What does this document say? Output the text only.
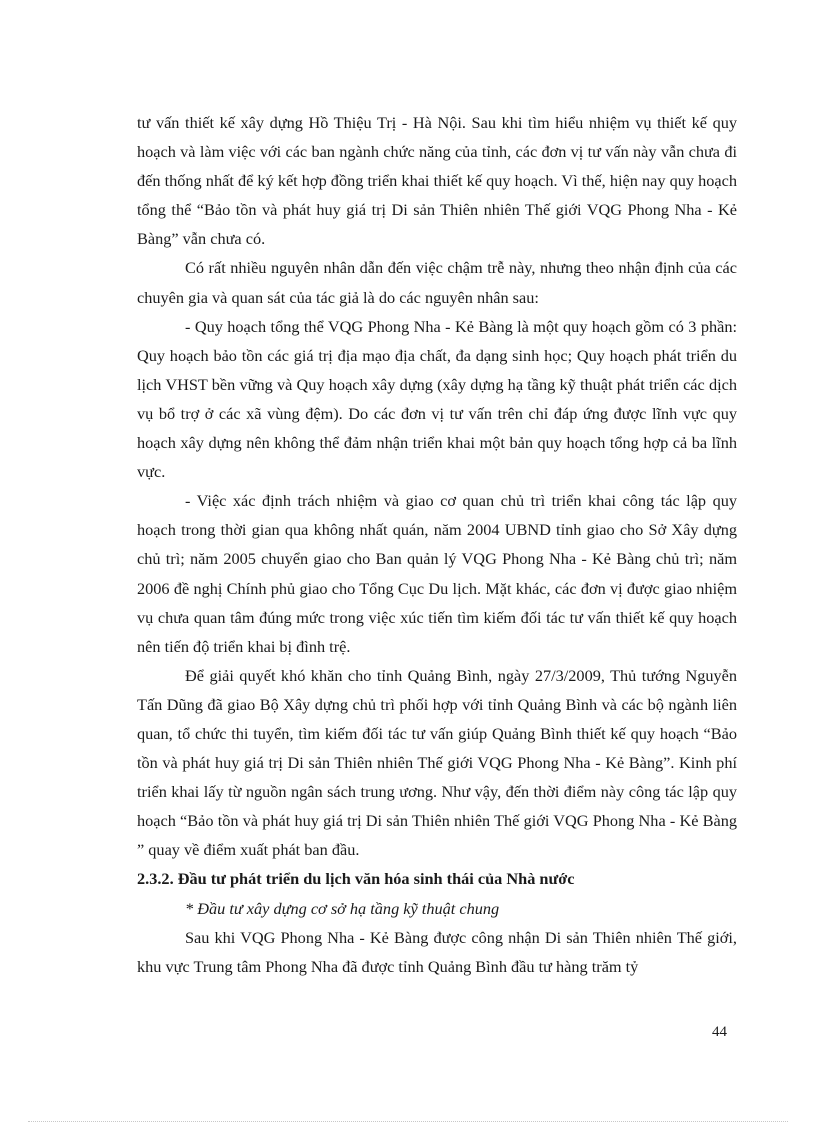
tư vấn thiết kế xây dựng Hồ Thiệu Trị - Hà Nội. Sau khi tìm hiểu nhiệm vụ thiết kế quy hoạch và làm việc với các ban ngành chức năng của tỉnh, các đơn vị tư vấn này vẫn chưa đi đến thống nhất để ký kết hợp đồng triển khai thiết kế quy hoạch. Vì thế, hiện nay quy hoạch tổng thể “Bảo tồn và phát huy giá trị Di sản Thiên nhiên Thế giới VQG Phong Nha - Kẻ Bàng” vẫn chưa có.

Có rất nhiều nguyên nhân dẫn đến việc chậm trễ này, nhưng theo nhận định của các chuyên gia và quan sát của tác giả là do các nguyên nhân sau:

- Quy hoạch tổng thể VQG Phong Nha - Kẻ Bàng là một quy hoạch gồm có 3 phần: Quy hoạch bảo tồn các giá trị địa mạo địa chất, đa dạng sinh học; Quy hoạch phát triển du lịch VHST bền vững và Quy hoạch xây dựng (xây dựng hạ tầng kỹ thuật phát triển các dịch vụ bổ trợ ở các xã vùng đệm). Do các đơn vị tư vấn trên chỉ đáp ứng được lĩnh vực quy hoạch xây dựng nên không thể đảm nhận triển khai một bản quy hoạch tổng hợp cả ba lĩnh vực.

- Việc xác định trách nhiệm và giao cơ quan chủ trì triển khai công tác lập quy hoạch trong thời gian qua không nhất quán, năm 2004 UBND tỉnh giao cho Sở Xây dựng chủ trì; năm 2005 chuyển giao cho Ban quản lý VQG Phong Nha - Kẻ Bàng chủ trì; năm 2006 đề nghị Chính phủ giao cho Tổng Cục Du lịch. Mặt khác, các đơn vị được giao nhiệm vụ chưa quan tâm đúng mức trong việc xúc tiến tìm kiếm đối tác tư vấn thiết kế quy hoạch nên tiến độ triển khai bị đình trệ.

Để giải quyết khó khăn cho tỉnh Quảng Bình, ngày 27/3/2009, Thủ tướng Nguyễn Tấn Dũng đã giao Bộ Xây dựng chủ trì phối hợp với tỉnh Quảng Bình và các bộ ngành liên quan, tổ chức thi tuyển, tìm kiếm đối tác tư vấn giúp Quảng Bình thiết kế quy hoạch “Bảo tồn và phát huy giá trị Di sản Thiên nhiên Thế giới VQG Phong Nha - Kẻ Bàng”. Kinh phí triển khai lấy từ nguồn ngân sách trung ương. Như vậy, đến thời điểm này công tác lập quy hoạch “Bảo tồn và phát huy giá trị Di sản Thiên nhiên Thế giới VQG Phong Nha - Kẻ Bàng ” quay về điểm xuất phát ban đầu.

2.3.2. Đầu tư phát triển du lịch văn hóa sinh thái của Nhà nước

* Đầu tư xây dựng cơ sở hạ tầng kỹ thuật chung

Sau khi VQG Phong Nha - Kẻ Bàng được công nhận Di sản Thiên nhiên Thế giới, khu vực Trung tâm Phong Nha đã được tỉnh Quảng Bình đầu tư hàng trăm tỷ

44
